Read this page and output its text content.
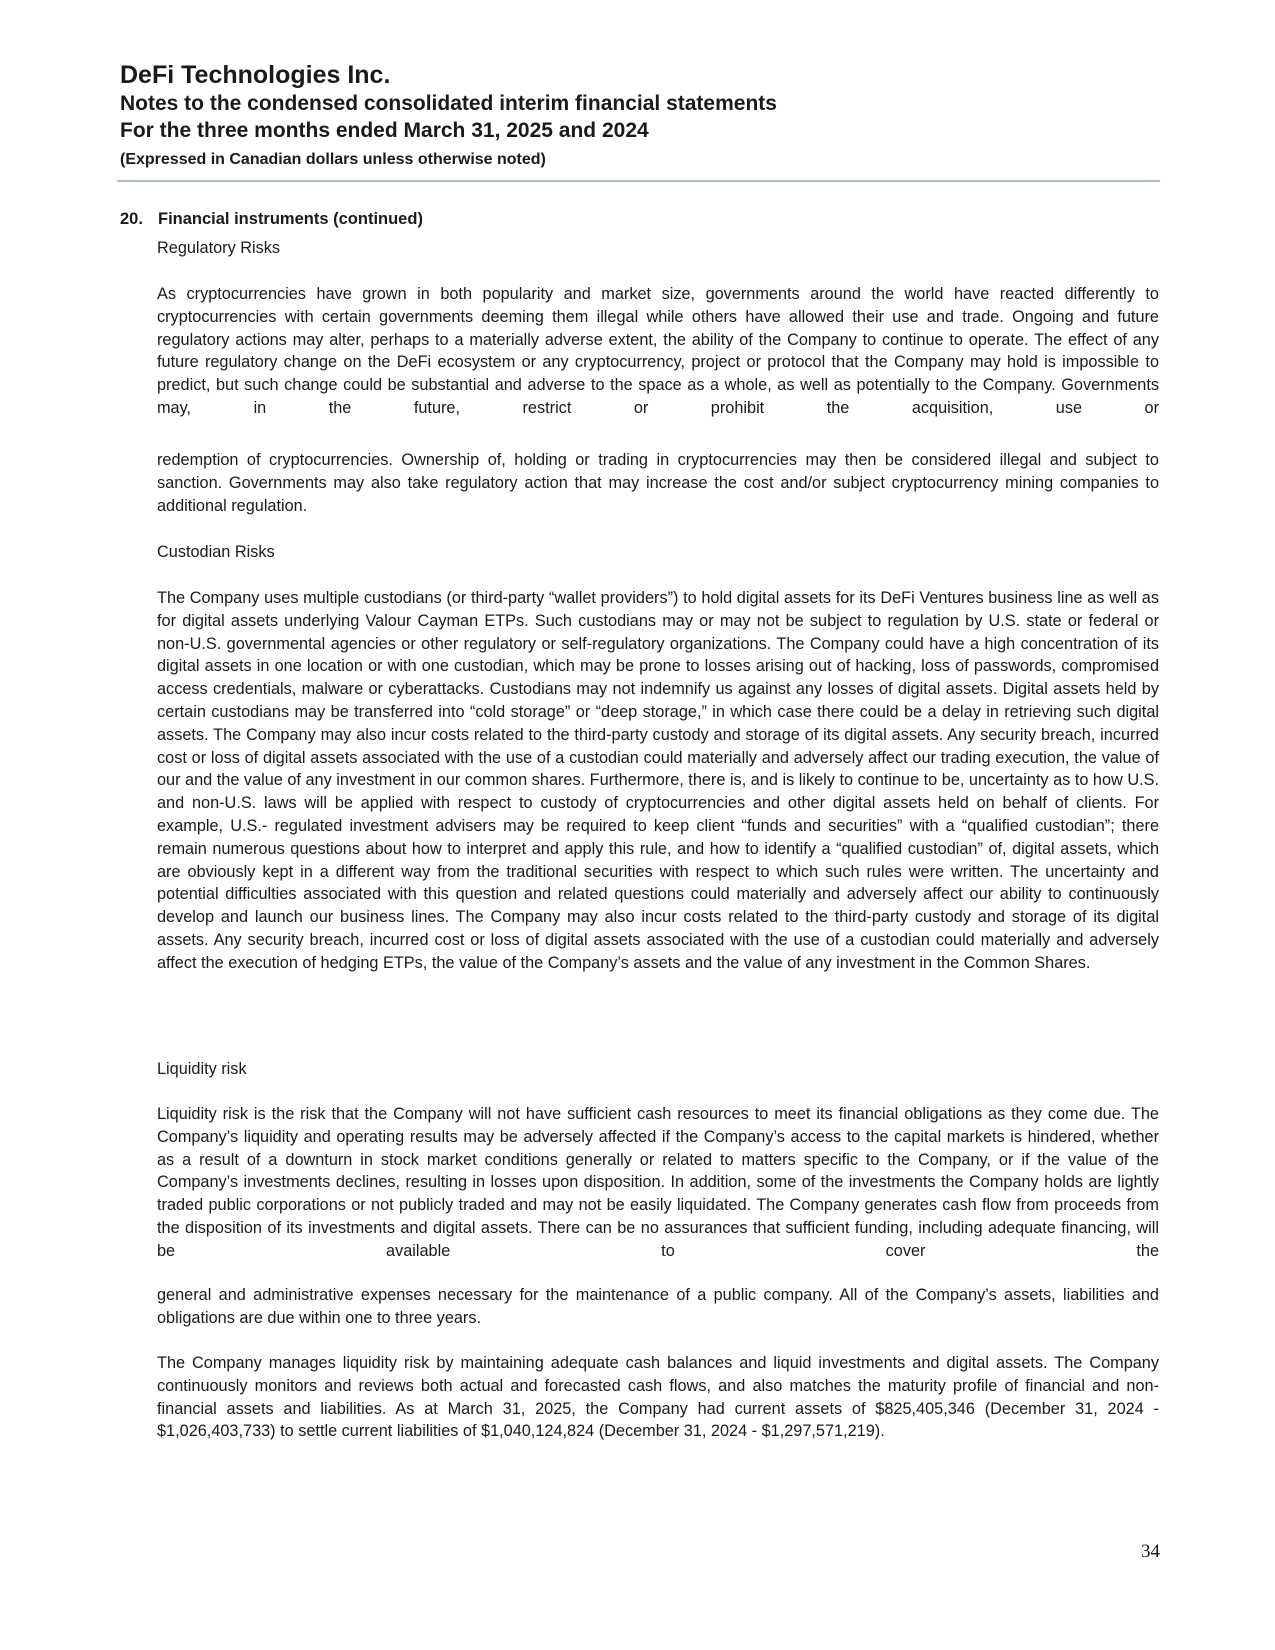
DeFi Technologies Inc.
Notes to the condensed consolidated interim financial statements
For the three months ended March 31, 2025 and 2024
(Expressed in Canadian dollars unless otherwise noted)
20. Financial instruments (continued)

Regulatory Risks

As cryptocurrencies have grown in both popularity and market size, governments around the world have reacted differently to cryptocurrencies with certain governments deeming them illegal while others have allowed their use and trade. Ongoing and future regulatory actions may alter, perhaps to a materially adverse extent, the ability of the Company to continue to operate. The effect of any future regulatory change on the DeFi ecosystem or any cryptocurrency, project or protocol that the Company may hold is impossible to predict, but such change could be substantial and adverse to the space as a whole, as well as potentially to the Company. Governments may, in the future, restrict or prohibit the acquisition, use or

redemption of cryptocurrencies. Ownership of, holding or trading in cryptocurrencies may then be considered illegal and subject to sanction. Governments may also take regulatory action that may increase the cost and/or subject cryptocurrency mining companies to additional regulation.

Custodian Risks

The Company uses multiple custodians (or third-party “wallet providers”) to hold digital assets for its DeFi Ventures business line as well as for digital assets underlying Valour Cayman ETPs. Such custodians may or may not be subject to regulation by U.S. state or federal or non-U.S. governmental agencies or other regulatory or self-regulatory organizations. The Company could have a high concentration of its digital assets in one location or with one custodian, which may be prone to losses arising out of hacking, loss of passwords, compromised access credentials, malware or cyberattacks. Custodians may not indemnify us against any losses of digital assets. Digital assets held by certain custodians may be transferred into “cold storage” or “deep storage,” in which case there could be a delay in retrieving such digital assets. The Company may also incur costs related to the third-party custody and storage of its digital assets. Any security breach, incurred cost or loss of digital assets associated with the use of a custodian could materially and adversely affect our trading execution, the value of our and the value of any investment in our common shares. Furthermore, there is, and is likely to continue to be, uncertainty as to how U.S. and non-U.S. laws will be applied with respect to custody of cryptocurrencies and other digital assets held on behalf of clients. For example, U.S.- regulated investment advisers may be required to keep client “funds and securities” with a “qualified custodian”; there remain numerous questions about how to interpret and apply this rule, and how to identify a “qualified custodian” of, digital assets, which are obviously kept in a different way from the traditional securities with respect to which such rules were written. The uncertainty and potential difficulties associated with this question and related questions could materially and adversely affect our ability to continuously develop and launch our business lines. The Company may also incur costs related to the third-party custody and storage of its digital assets. Any security breach, incurred cost or loss of digital assets associated with the use of a custodian could materially and adversely affect the execution of hedging ETPs, the value of the Company’s assets and the value of any investment in the Common Shares.

Liquidity risk

Liquidity risk is the risk that the Company will not have sufficient cash resources to meet its financial obligations as they come due. The Company’s liquidity and operating results may be adversely affected if the Company’s access to the capital markets is hindered, whether as a result of a downturn in stock market conditions generally or related to matters specific to the Company, or if the value of the Company’s investments declines, resulting in losses upon disposition. In addition, some of the investments the Company holds are lightly traded public corporations or not publicly traded and may not be easily liquidated. The Company generates cash flow from proceeds from the disposition of its investments and digital assets. There can be no assurances that sufficient funding, including adequate financing, will be available to cover the

general and administrative expenses necessary for the maintenance of a public company. All of the Company’s assets, liabilities and obligations are due within one to three years.

The Company manages liquidity risk by maintaining adequate cash balances and liquid investments and digital assets. The Company continuously monitors and reviews both actual and forecasted cash flows, and also matches the maturity profile of financial and non-financial assets and liabilities. As at March 31, 2025, the Company had current assets of $825,405,346 (December 31, 2024 - $1,026,403,733) to settle current liabilities of $1,040,124,824 (December 31, 2024 - $1,297,571,219).

34
